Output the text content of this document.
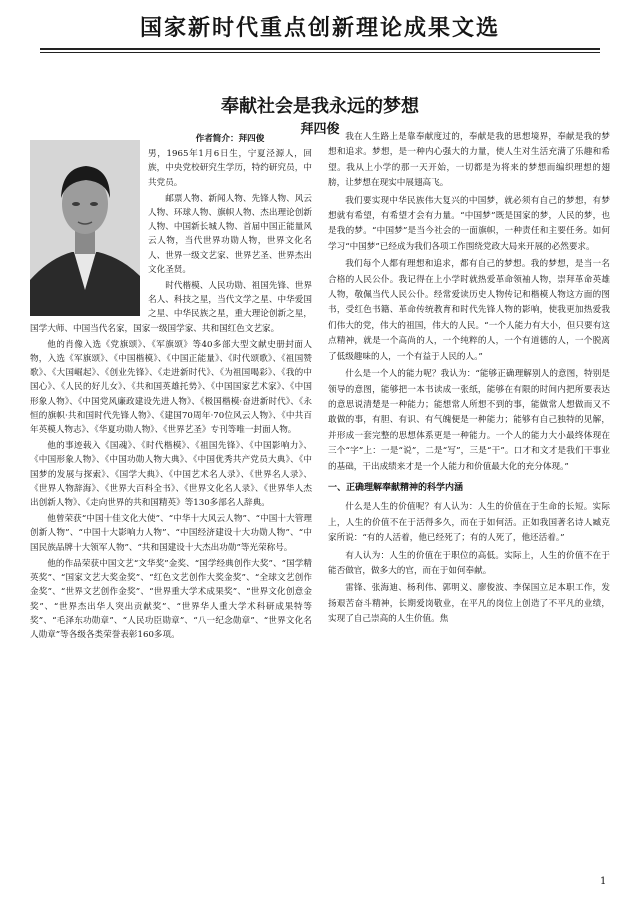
国家新时代重点创新理论成果文选
奉献社会是我永远的梦想
拜四俊
作者简介：拜四俊

男，1965年1月6日生，宁夏泾源人，回族，中央党校研究生学历，特约研究员，中共党员。

邮票人物、新闻人物、先锋人物、风云人物、环球人物、旗帜人物、杰出理论创新人物、中国新长城人物、首届中国正能量风云人物，当代世界功勋人物，世界文化名人、世界一级文艺家、世界艺圣、世界杰出文化圣贤。

时代楷模、人民功勋、祖国先锋、世界名人、科技之星，当代文学之星、中华爱国之星、中华民族之星，重大理论创新之星，国学大师、中国当代名家，国家一级国学家、共和国红色文艺家。

他的肖像入选《党旗颂》、《军旗颂》等40多部大型文献史册封面人物，入选《军旗颂》、《中国楷模》、《中国正能量》、《时代颂歌》、《祖国赞歌》、《大国崛起》、《创业先锋》、《走进新时代》、《为祖国喝彩》、《我的中国心》、《人民的好儿女》、《共和国英雄托势》、《中国国家艺术家》、《中国形象人物》、《中国党风廉政建设先进人物》、《极国楷模·奋进新时代》、《永恒的旗帜·共和国时代先锋人物》、《建国70周年·70位风云人物》、《中共百年英模人物志》、《华夏功勋人物》、《世界艺圣》专刊等唯一封面人物。

他的事迹载入《国魂》、《时代楷模》、《祖国先锋》、《中国影响力》、《中国形象人物》、《中国功勋人物大典》、《中国优秀共产党员大典》、《中国梦的发展与探索》、《国学大典》、《中国艺术名人录》、《世界名人录》、《世界人物辞海》、《世界大百科全书》、《世界文化名人录》、《世界华人杰出创新人物》、《走向世界的共和国精英》等130多部名人辞典。

他曾荣获“中国十佳文化大使”、“中华十大风云人物”、“中国十大管理创新人物”、“中国十大影响力人物”、“中国经济建设十大功勋人物”、“中国民族品牌十大领军人物”、“共和国建设十大杰出功勋”等光荣称号。

他的作品荣获中国文艺“文华奖”金奖、“国学经典创作大奖”、“国学精英奖”、“国家文艺大奖金奖”、“红色文艺创作大奖金奖”、“全球文艺创作金奖”、“世界文艺创作金奖”、“世界重大学术成果奖”、“世界文化创意金奖”、“世界杰出华人突出贡献奖”、“世界华人重大学术科研成果特等奖”、“毛泽东功勋章”、“人民功臣勋章”、“八一纪念勋章”、“世界文化名人勋章”等各级各类荣誉表彰160多项。

我在人生路上是靠奉献度过的，奉献是我的思想境界，奉献是我的梦想和追求。梦想，是一种内心强大的力量，使人生对生活充满了乐趣和希望。我从上小学的那一天开始，一切都是为将来的梦想而编织理想的翅膀，让梦想在现实中展翅高飞。

我们要实现中华民族伟大复兴的中国梦，就必须有自己的梦想，有梦想就有希望，有希望才会有力量。“中国梦”既是国家的梦，人民的梦，也是我的梦。“中国梦”是当今社会的一面旗帜，一种责任和主要任务。如何学习“中国梦”已经成为我们各项工作围绕党政大局来开展的必然要求。

我们每个人都有理想和追求，都有自己的梦想。我的梦想，是当一名合格的人民公仆。我记得在上小学时就热爱革命领袖人物，崇拜革命英雄人物，敬佩当代人民公仆。经常爱读历史人物传记和楷模人物这方面的图书，受红色书籍、革命传统教育和时代先锋人物的影响，使我更加热爱我们伟大的党，伟大的祖国，伟大的人民。“一个人能力有大小，但只要有这点精神，就是一个高尚的人，一个纯粹的人，一个有道德的人，一个脱离了低级趣味的人，一个有益于人民的人。”

什么是一个人的能力呢？我认为：“能够正确理解别人的意图，特别是领导的意图，能够把一本书读成一张纸，能够在有限的时间内把所要表达的意思说清楚是一种能力；能想常人所想不到的事，能做常人想做而又不敢做的事，有胆、有识、有气魄便是一种能力；能够有自己独特的见解，并形成一套完整的思想体系更是一种能力。一个人的能力大小最终体现在三个“字”上：一是“说”，二是“写”，三是“干”。口才和文才是我们干事业的基础，干出成绩来才是一个人能力和价值最大化的充分体现。”

一、正确理解奉献精神的科学内涵

什么是人生的价值呢？有人认为：人生的价值在于生命的长短。实际上，人生的价值不在于活得多久，而在于如何活。正如我国著名诗人臧克家所说：“有的人活着，他已经死了；有的人死了，他还活着。”

有人认为：人生的价值在于职位的高低。实际上，人生的价值不在于能否做官，做多大的官，而在于如何奉献。

雷锋、张海迪、杨利伟、郭明义、廖俊波、李保国立足本职工作，发扬艰苦奋斗精神，长期爱岗敬业，在平凡的岗位上创造了不平凡的业绩，实现了自己崇高的人生价值。焦

1
